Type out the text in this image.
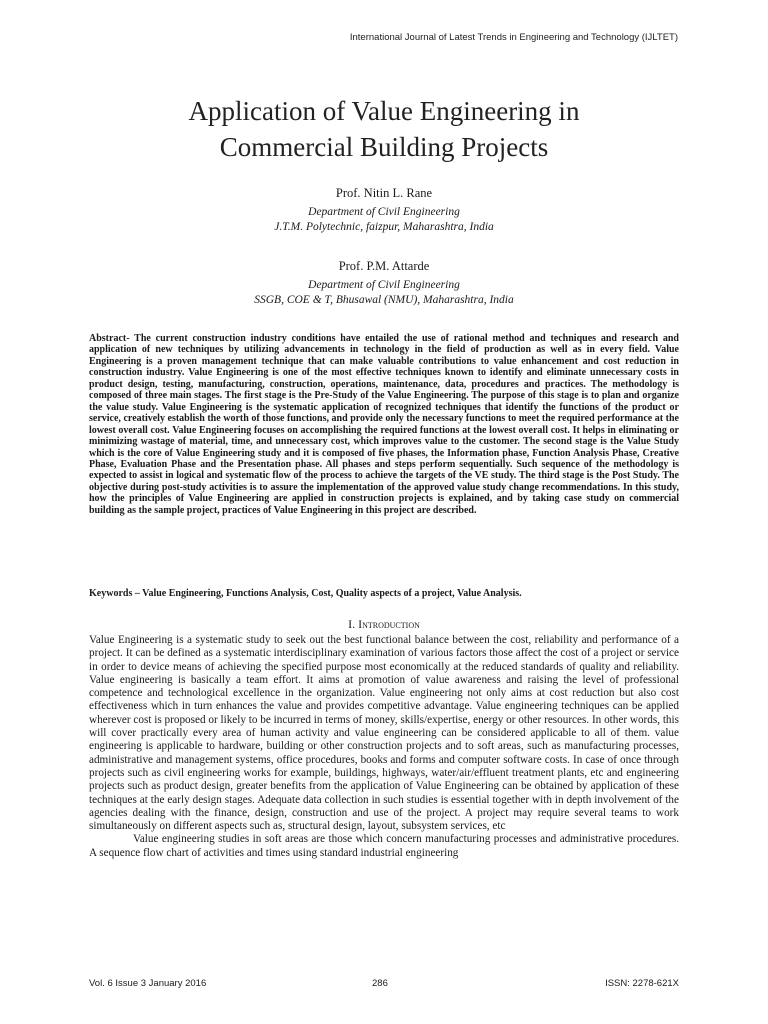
International Journal of Latest Trends in Engineering and Technology (IJLTET)
Application of Value Engineering in
Commercial Building Projects
Prof. Nitin L. Rane
Department of Civil Engineering
J.T.M. Polytechnic, faizpur, Maharashtra, India
Prof. P.M. Attarde
Department of Civil Engineering
SSGB, COE & T, Bhusawal (NMU), Maharashtra, India

Abstract- The current construction industry conditions have entailed the use of rational method and techniques and research and application of new techniques by utilizing advancements in technology in the field of production as well as in every field. Value Engineering is a proven management technique that can make valuable contributions to value enhancement and cost reduction in construction industry. Value Engineering is one of the most effective techniques known to identify and eliminate unnecessary costs in product design, testing, manufacturing, construction, operations, maintenance, data, procedures and practices. The methodology is composed of three main stages. The first stage is the Pre-Study of the Value Engineering. The purpose of this stage is to plan and organize the value study. Value Engineering is the systematic application of recognized techniques that identify the functions of the product or service, creatively establish the worth of those functions, and provide only the necessary functions to meet the required performance at the lowest overall cost. Value Engineering focuses on accomplishing the required functions at the lowest overall cost. It helps in eliminating or minimizing wastage of material, time, and unnecessary cost, which improves value to the customer. The second stage is the Value Study which is the core of Value Engineering study and it is composed of five phases, the Information phase, Function Analysis Phase, Creative Phase, Evaluation Phase and the Presentation phase. All phases and steps perform sequentially. Such sequence of the methodology is expected to assist in logical and systematic flow of the process to achieve the targets of the VE study. The third stage is the Post Study. The objective during post-study activities is to assure the implementation of the approved value study change recommendations. In this study, how the principles of Value Engineering are applied in construction projects is explained, and by taking case study on commercial building as the sample project, practices of Value Engineering in this project are described.

Keywords – Value Engineering, Functions Analysis, Cost, Quality aspects of a project, Value Analysis.

I. Introduction

Value Engineering is a systematic study to seek out the best functional balance between the cost, reliability and performance of a project. It can be defined as a systematic interdisciplinary examination of various factors those affect the cost of a project or service in order to device means of achieving the specified purpose most economically at the reduced standards of quality and reliability. Value engineering is basically a team effort. It aims at promotion of value awareness and raising the level of professional competence and technological excellence in the organization. Value engineering not only aims at cost reduction but also cost effectiveness which in turn enhances the value and provides competitive advantage. Value engineering techniques can be applied wherever cost is proposed or likely to be incurred in terms of money, skills/expertise, energy or other resources. In other words, this will cover practically every area of human activity and value engineering can be considered applicable to all of them. value engineering is applicable to hardware, building or other construction projects and to soft areas, such as manufacturing processes, administrative and management systems, office procedures, books and forms and computer software costs. In case of once through projects such as civil engineering works for example, buildings, highways, water/air/effluent treatment plants, etc and engineering projects such as product design, greater benefits from the application of Value Engineering can be obtained by application of these techniques at the early design stages. Adequate data collection in such studies is essential together with in depth involvement of the agencies dealing with the finance, design, construction and use of the project. A project may require several teams to work simultaneously on different aspects such as, structural design, layout, subsystem services, etc

Value engineering studies in soft areas are those which concern manufacturing processes and administrative procedures. A sequence flow chart of activities and times using standard industrial engineering

Vol. 6 Issue 3 January 2016	286	ISSN: 2278-621X
